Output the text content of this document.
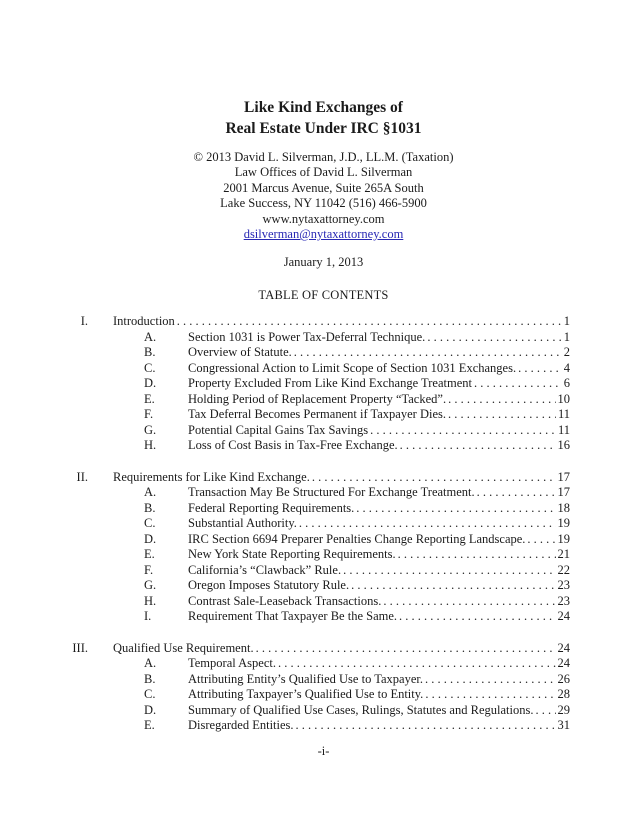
Like Kind Exchanges of
Real Estate Under IRC §1031
© 2013 David L. Silverman, J.D., LL.M. (Taxation)
Law Offices of David L. Silverman
2001 Marcus Avenue, Suite 265A South
Lake Success, NY 11042 (516) 466-5900
www.nytaxattorney.com
dsilverman@nytaxattorney.com
January 1, 2013
TABLE OF CONTENTS
I. Introduction . . .	1
A.	Section 1031 is Power Tax-Deferral Technique. . . .	1
B.	Overview of Statute. . . .	2
C.	Congressional Action to Limit Scope of Section 1031 Exchanges. . . .	4
D.	Property Excluded From Like Kind Exchange Treatment . . .	6
E.	Holding Period of Replacement Property “Tacked”. . . .	10
F.	Tax Deferral Becomes Permanent if Taxpayer Dies. . . .	11
G.	Potential Capital Gains Tax Savings . . .	11
H.	Loss of Cost Basis in Tax-Free Exchange. . . .	16
II. Requirements for Like Kind Exchange. . . .	17
A.	Transaction May Be Structured For Exchange Treatment. . . .	17
B.	Federal Reporting Requirements. . . .	18
C.	Substantial Authority. . . .	19
D.	IRC Section 6694 Preparer Penalties Change Reporting Landscape. . . .	19
E.	New York State Reporting Requirements. . . .	21
F.	California’s “Clawback” Rule. . . .	22
G.	Oregon Imposes Statutory Rule. . . .	23
H.	Contrast Sale-Leaseback Transactions. . . .	23
I.	Requirement That Taxpayer Be the Same. . . .	24
III. Qualified Use Requirement. . . .	24
A.	Temporal Aspect. . . .	24
B.	Attributing Entity’s Qualified Use to Taxpayer. . . .	26
C.	Attributing Taxpayer’s Qualified Use to Entity. . . .	28
D.	Summary of Qualified Use Cases, Rulings, Statutes and Regulations. . . . 29
E.	Disregarded Entities. . . .	31
-i-
